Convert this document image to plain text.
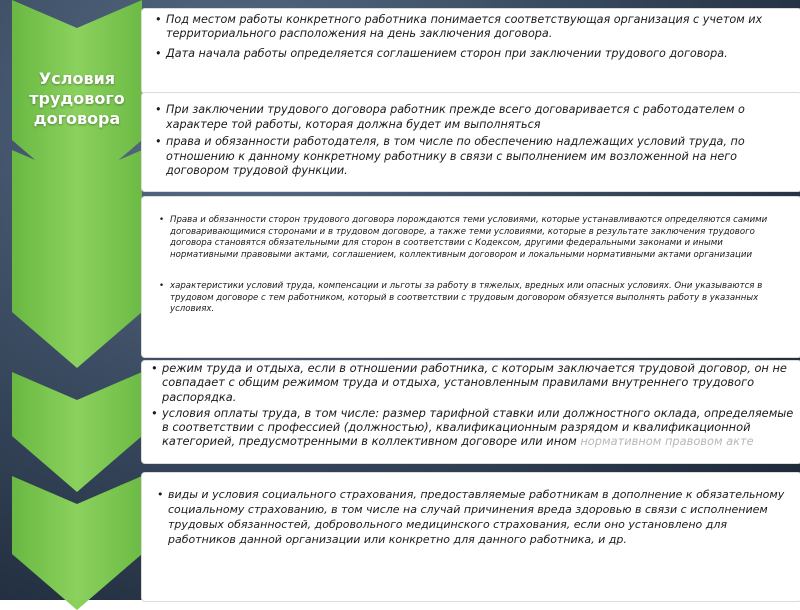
Условия
трудового
договора
• Под местом работы конкретного работника понимается соответствующая организация с учетом их территориального расположения на день заключения договора.
• Дата начала работы определяется соглашением сторон при заключении трудового договора.
• При заключении трудового договора работник прежде всего договаривается с работодателем о характере той работы, которая должна будет им выполняться
• права и обязанности работодателя, в том числе по обеспечению надлежащих условий труда, по отношению к данному конкретному работнику в связи с выполнением им возложенной на него договором трудовой функции.
• Права и обязанности сторон трудового договора порождаются теми условиями, которые устанавливаются определяются самими договаривающимися сторонами и в трудовом договоре, а также теми условиями, которые в результате заключения трудового договора становятся обязательными для сторон в соответствии с Кодексом, другими федеральными законами и иными нормативными правовыми актами, соглашением, коллективным договором и локальными нормативными актами организации
• характеристики условий труда, компенсации и льготы за работу в тяжелых, вредных или опасных условиях. Они указываются в трудовом договоре с тем работником, который в соответствии с трудовым договором обязуется выполнять работу в указанных условиях.
• режим труда и отдыха, если в отношении работника, с которым заключается трудовой договор, он не совпадает с общим режимом труда и отдыха, установленным правилами внутреннего трудового распорядка.
• условия оплаты труда, в том числе: размер тарифной ставки или должностного оклада, определяемые в соответствии с профессией (должностью), квалификационным разрядом и квалификационной категорией, предусмотренными в коллективном договоре или ином нормативном правовом акте
• виды и условия социального страхования, предоставляемые работникам в дополнение к обязательному социальному страхованию, в том числе на случай причинения вреда здоровью в связи с исполнением трудовых обязанностей, добровольного медицинского страхования, если оно установлено для работников данной организации или конкретно для данного работника, и др.
